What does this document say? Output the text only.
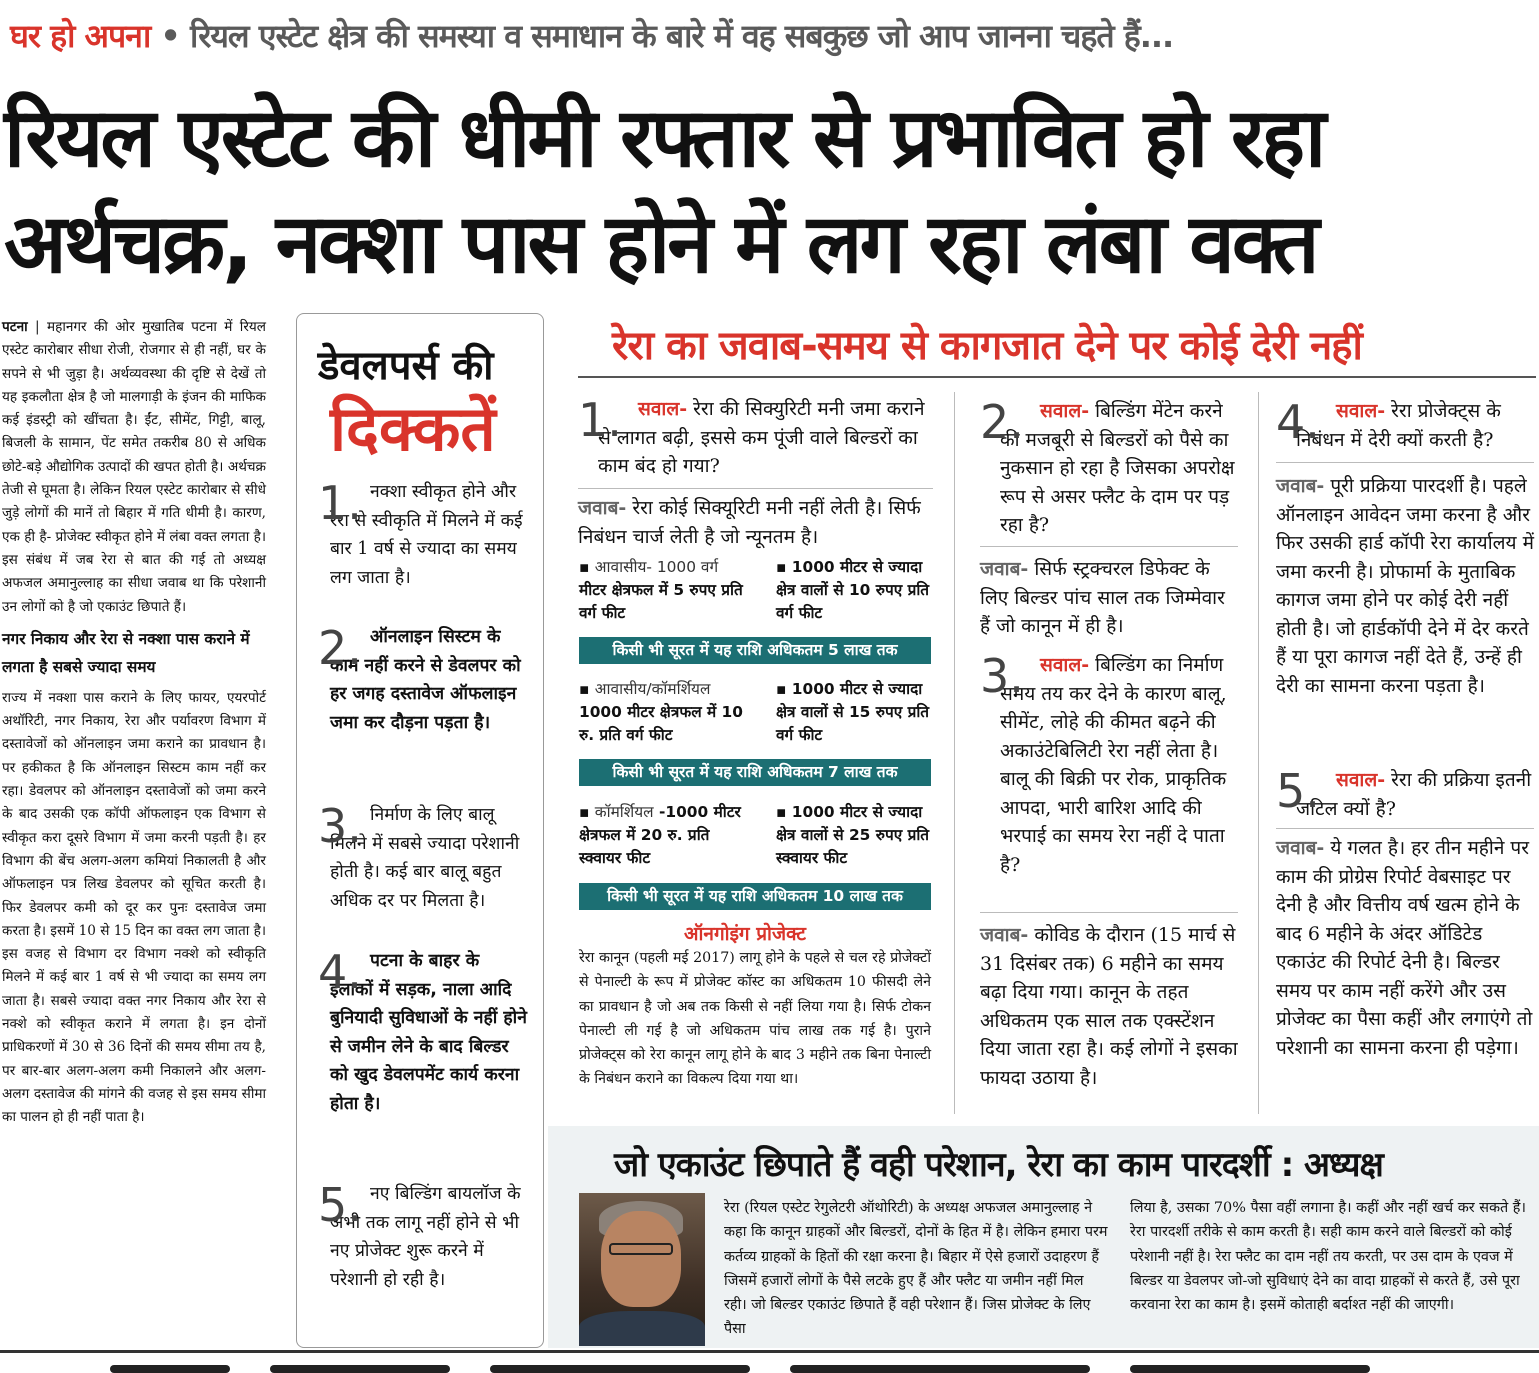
घर हो अपना • रियल एस्टेट क्षेत्र की समस्या व समाधान के बारे में वह सबकुछ जो आप जानना चहते हैं...
रियल एस्टेट की धीमी रफ्तार से प्रभावित हो रहा
अर्थचक्र, नक्शा पास होने में लग रहा लंबा वक्त

पटना | महानगर की ओर मुखातिब पटना में रियल एस्टेट कारोबार सीधा रोजी, रोजगार से ही नहीं, घर के सपने से भी जुड़ा है। अर्थव्यवस्था की दृष्टि से देखें तो यह इकलौता क्षेत्र है जो मालगाड़ी के इंजन की माफिक कई इंडस्ट्री को खींचता है। ईंट, सीमेंट, गिट्टी, बालू, बिजली के सामान, पेंट समेत तकरीब 80 से अधिक छोटे-बड़े औद्योगिक उत्पादों की खपत होती है। अर्थचक्र तेजी से घूमता है। लेकिन रियल एस्टेट कारोबार से सीधे जुड़े लोगों की मानें तो बिहार में गति धीमी है। कारण, एक ही है- प्रोजेक्ट स्वीकृत होने में लंबा वक्त लगता है। इस संबंध में जब रेरा से बात की गई तो अध्यक्ष अफजल अमानुल्लाह का सीधा जवाब था कि परेशानी उन लोगों को है जो एकाउंट छिपाते हैं।

नगर निकाय और रेरा से नक्शा पास कराने में लगता है सबसे ज्यादा समय

राज्य में नक्शा पास कराने के लिए फायर, एयरपोर्ट अथॉरिटी, नगर निकाय, रेरा और पर्यावरण विभाग में दस्तावेजों को ऑनलाइन जमा कराने का प्रावधान है। पर हकीकत है कि ऑनलाइन सिस्टम काम नहीं कर रहा। डेवलपर को ऑनलाइन दस्तावेजों को जमा करने के बाद उसकी एक कॉपी ऑफलाइन एक विभाग से स्वीकृत करा दूसरे विभाग में जमा करनी पड़ती है। हर विभाग की बेंच अलग-अलग कमियां निकालती है और ऑफलाइन पत्र लिख डेवलपर को सूचित करती है। फिर डेवलपर कमी को दूर कर पुनः दस्तावेज जमा करता है। इसमें 10 से 15 दिन का वक्त लग जाता है। इस वजह से विभाग दर विभाग नक्शे को स्वीकृति मिलने में कई बार 1 वर्ष से भी ज्यादा का समय लग जाता है। सबसे ज्यादा वक्त नगर निकाय और रेरा से नक्शे को स्वीकृत कराने में लगता है। इन दोनों प्राधिकरणों में 30 से 36 दिनों की समय सीमा तय है, पर बार-बार अलग-अलग कमी निकालने और अलग-अलग दस्तावेज की मांगने की वजह से इस समय सीमा का पालन हो ही नहीं पाता है।

डेवलपर्स की
दिक्कतें
1. नक्शा स्वीकृत होने और रेरा से स्वीकृति में मिलने में कई बार 1 वर्ष से ज्यादा का समय लग जाता है।
2. ऑनलाइन सिस्टम के काम नहीं करने से डेवलपर को हर जगह दस्तावेज ऑफलाइन जमा कर दौड़ना पड़ता है।
3. निर्माण के लिए बालू मिलने में सबसे ज्यादा परेशानी होती है। कई बार बालू बहुत अधिक दर पर मिलता है।
4. पटना के बाहर के इलाकों में सड़क, नाला आदि बुनियादी सुविधाओं के नहीं होने से जमीन लेने के बाद बिल्डर को खुद डेवलपमेंट कार्य करना होता है।
5. नए बिल्डिंग बायलॉज के अभी तक लागू नहीं होने से भी नए प्रोजेक्ट शुरू करने में परेशानी हो रही है।
रेरा का जवाब-समय से कागजात देने पर कोई देरी नहीं
1. सवाल- रेरा की सिक्युरिटी मनी जमा कराने से लागत बढ़ी, इससे कम पूंजी वाले बिल्डरों का काम बंद हो गया?
जवाब- रेरा कोई सिक्यूरिटी मनी नहीं लेती है। सिर्फ निबंधन चार्ज लेती है जो न्यूनतम है।
▪ आवासीय- 1000 वर्ग मीटर क्षेत्रफल में 5 रुपए प्रति वर्ग फीट
▪ 1000 मीटर से ज्यादा क्षेत्र वालों से 10 रुपए प्रति वर्ग फीट
किसी भी सूरत में यह राशि अधिकतम 5 लाख तक
▪ आवासीय/कॉमर्शियल 1000 मीटर क्षेत्रफल में 10 रु. प्रति वर्ग फीट
▪ 1000 मीटर से ज्यादा क्षेत्र वालों से 15 रुपए प्रति वर्ग फीट
किसी भी सूरत में यह राशि अधिकतम 7 लाख तक
▪ कॉमर्शियल -1000 मीटर क्षेत्रफल में 20 रु. प्रति स्क्वायर फीट
▪ 1000 मीटर से ज्यादा क्षेत्र वालों से 25 रुपए प्रति स्क्वायर फीट
किसी भी सूरत में यह राशि अधिकतम 10 लाख तक
ऑनगोइंग प्रोजेक्ट
रेरा कानून (पहली मई 2017) लागू होने के पहले से चल रहे प्रोजेक्टों से पेनाल्टी के रूप में प्रोजेक्ट कॉस्ट का अधिकतम 10 फीसदी लेने का प्रावधान है जो अब तक किसी से नहीं लिया गया है। सिर्फ टोकन पेनाल्टी ली गई है जो अधिकतम पांच लाख तक गई है। पुराने प्रोजेक्ट्स को रेरा कानून लागू होने के बाद 3 महीने तक बिना पेनाल्टी के निबंधन कराने का विकल्प दिया गया था।
2. सवाल- बिल्डिंग मेंटेन करने की मजबूरी से बिल्डरों को पैसे का नुकसान हो रहा है जिसका अपरोक्ष रूप से असर फ्लैट के दाम पर पड़ रहा है?
जवाब- सिर्फ स्ट्रक्चरल डिफेक्ट के लिए बिल्डर पांच साल तक जिम्मेवार हैं जो कानून में ही है।
3. सवाल- बिल्डिंग का निर्माण समय तय कर देने के कारण बालू, सीमेंट, लोहे की कीमत बढ़ने की अकाउंटेबिलिटी रेरा नहीं लेता है। बालू की बिक्री पर रोक, प्राकृतिक आपदा, भारी बारिश आदि की भरपाई का समय रेरा नहीं दे पाता है?
जवाब- कोविड के दौरान (15 मार्च से 31 दिसंबर तक) 6 महीने का समय बढ़ा दिया गया। कानून के तहत अधिकतम एक साल तक एक्स्टेंशन दिया जाता रहा है। कई लोगों ने इसका फायदा उठाया है।
4. सवाल- रेरा प्रोजेक्ट्स के निबंधन में देरी क्यों करती है?
जवाब- पूरी प्रक्रिया पारदर्शी है। पहले ऑनलाइन आवेदन जमा करना है और फिर उसकी हार्ड कॉपी रेरा कार्यालय में जमा करनी है। प्रोफार्मा के मुताबिक कागज जमा होने पर कोई देरी नहीं होती है। जो हार्डकॉपी देने में देर करते हैं या पूरा कागज नहीं देते हैं, उन्हें ही देरी का सामना करना पड़ता है।
5. सवाल- रेरा की प्रक्रिया इतनी जटिल क्यों है?
जवाब- ये गलत है। हर तीन महीने पर काम की प्रोग्रेस रिपोर्ट वेबसाइट पर देनी है और वित्तीय वर्ष खत्म होने के बाद 6 महीने के अंदर ऑडिटेड एकाउंट की रिपोर्ट देनी है। बिल्डर समय पर काम नहीं करेंगे और उस प्रोजेक्ट का पैसा कहीं और लगाएंगे तो परेशानी का सामना करना ही पड़ेगा।
जो एकाउंट छिपाते हैं वही परेशान, रेरा का काम पारदर्शी : अध्यक्ष
रेरा (रियल एस्टेट रेगुलेटरी ऑथोरिटी) के अध्यक्ष अफजल अमानुल्लाह ने कहा कि कानून ग्राहकों और बिल्डरों, दोनों के हित में है। लेकिन हमारा परम कर्तव्य ग्राहकों के हितों की रक्षा करना है। बिहार में ऐसे हजारों उदाहरण हैं जिसमें हजारों लोगों के पैसे लटके हुए हैं और फ्लैट या जमीन नहीं मिल रही। जो बिल्डर एकाउंट छिपाते हैं वही परेशान हैं। जिस प्रोजेक्ट के लिए पैसा
लिया है, उसका 70% पैसा वहीं लगाना है। कहीं और नहीं खर्च कर सकते हैं। रेरा पारदर्शी तरीके से काम करती है। सही काम करने वाले बिल्डरों को कोई परेशानी नहीं है। रेरा फ्लैट का दाम नहीं तय करती, पर उस दाम के एवज में बिल्डर या डेवलपर जो-जो सुविधाएं देने का वादा ग्राहकों से करते हैं, उसे पूरा करवाना रेरा का काम है। इसमें कोताही बर्दाश्त नहीं की जाएगी।
